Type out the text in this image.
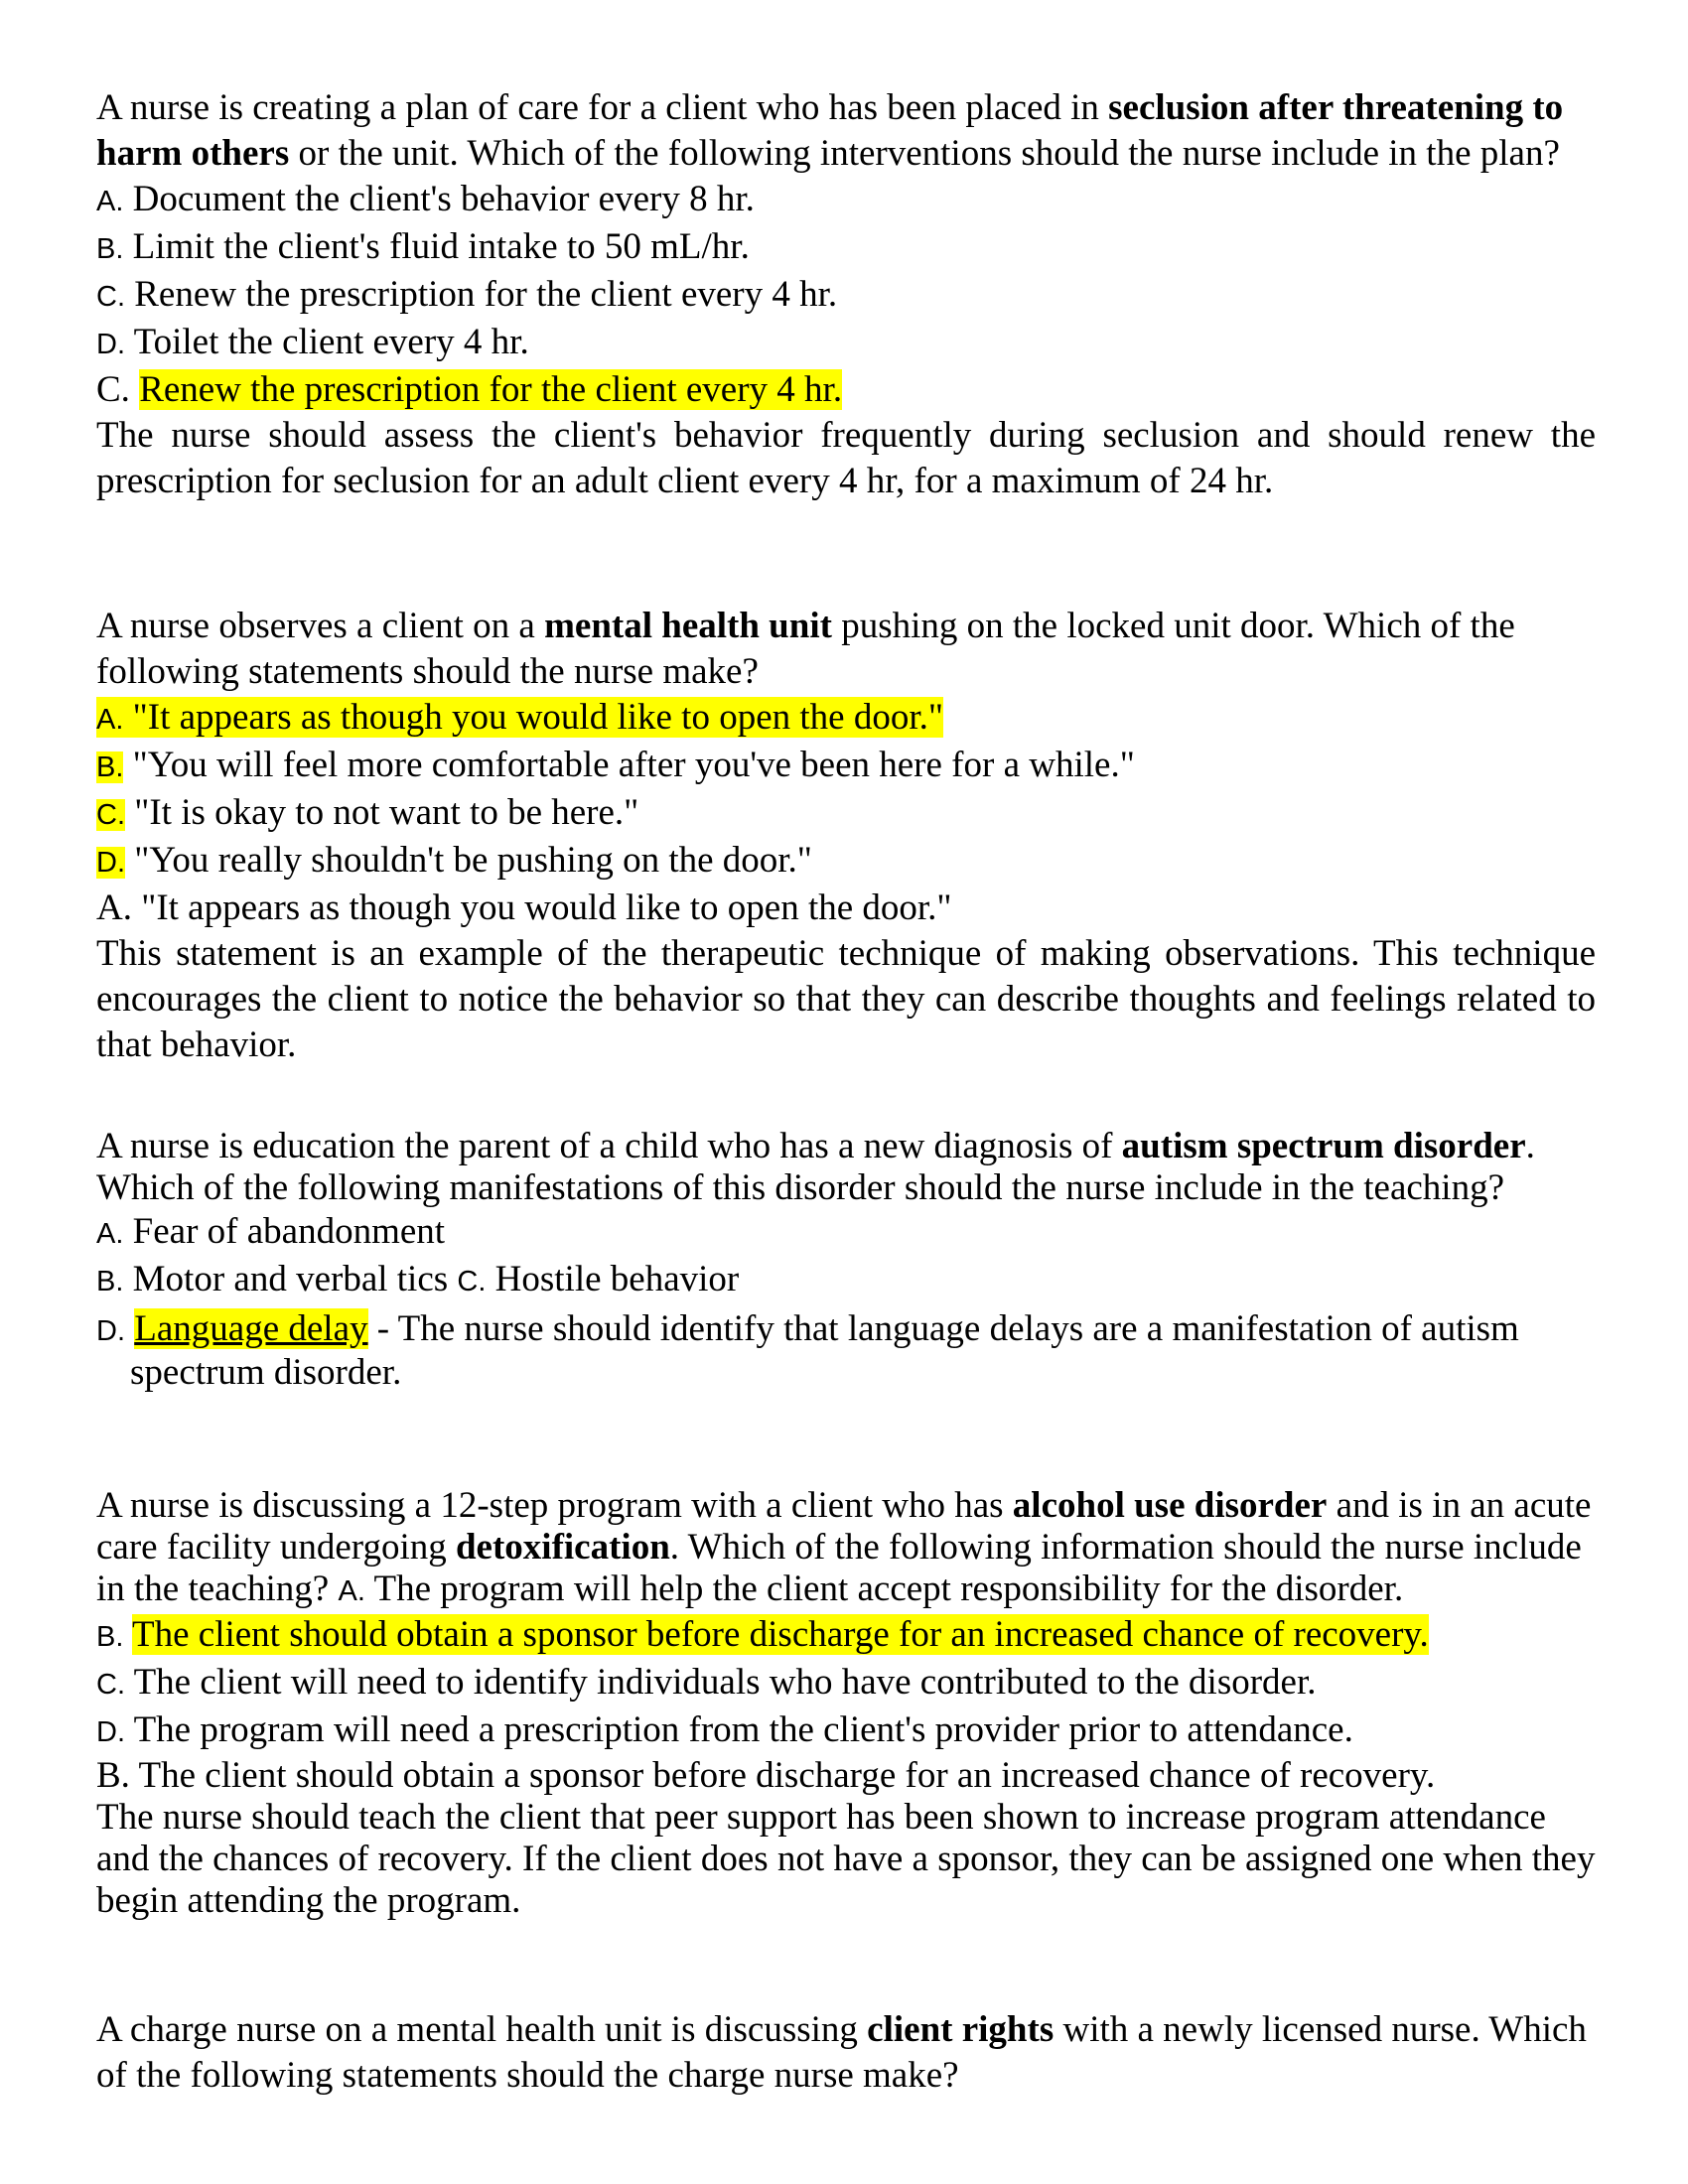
A nurse is creating a plan of care for a client who has been placed in seclusion after threatening to harm others or the unit. Which of the following interventions should the nurse include in the plan?
A. Document the client's behavior every 8 hr.
B. Limit the client's fluid intake to 50 mL/hr.
C. Renew the prescription for the client every 4 hr.
D. Toilet the client every 4 hr.
C. Renew the prescription for the client every 4 hr.
The nurse should assess the client's behavior frequently during seclusion and should renew the prescription for seclusion for an adult client every 4 hr, for a maximum of 24 hr.
A nurse observes a client on a mental health unit pushing on the locked unit door. Which of the following statements should the nurse make?
A. "It appears as though you would like to open the door."
B. "You will feel more comfortable after you've been here for a while."
C. "It is okay to not want to be here."
D. "You really shouldn't be pushing on the door."
A. "It appears as though you would like to open the door."
This statement is an example of the therapeutic technique of making observations. This technique encourages the client to notice the behavior so that they can describe thoughts and feelings related to that behavior.
A nurse is education the parent of a child who has a new diagnosis of autism spectrum disorder. Which of the following manifestations of this disorder should the nurse include in the teaching?
A. Fear of abandonment
B. Motor and verbal tics C. Hostile behavior
D. Language delay - The nurse should identify that language delays are a manifestation of autism spectrum disorder.
A nurse is discussing a 12-step program with a client who has alcohol use disorder and is in an acute care facility undergoing detoxification. Which of the following information should the nurse include in the teaching? A. The program will help the client accept responsibility for the disorder.
B. The client should obtain a sponsor before discharge for an increased chance of recovery.
C. The client will need to identify individuals who have contributed to the disorder.
D. The program will need a prescription from the client's provider prior to attendance.
B. The client should obtain a sponsor before discharge for an increased chance of recovery.
The nurse should teach the client that peer support has been shown to increase program attendance and the chances of recovery. If the client does not have a sponsor, they can be assigned one when they begin attending the program.
A charge nurse on a mental health unit is discussing client rights with a newly licensed nurse. Which of the following statements should the charge nurse make?
